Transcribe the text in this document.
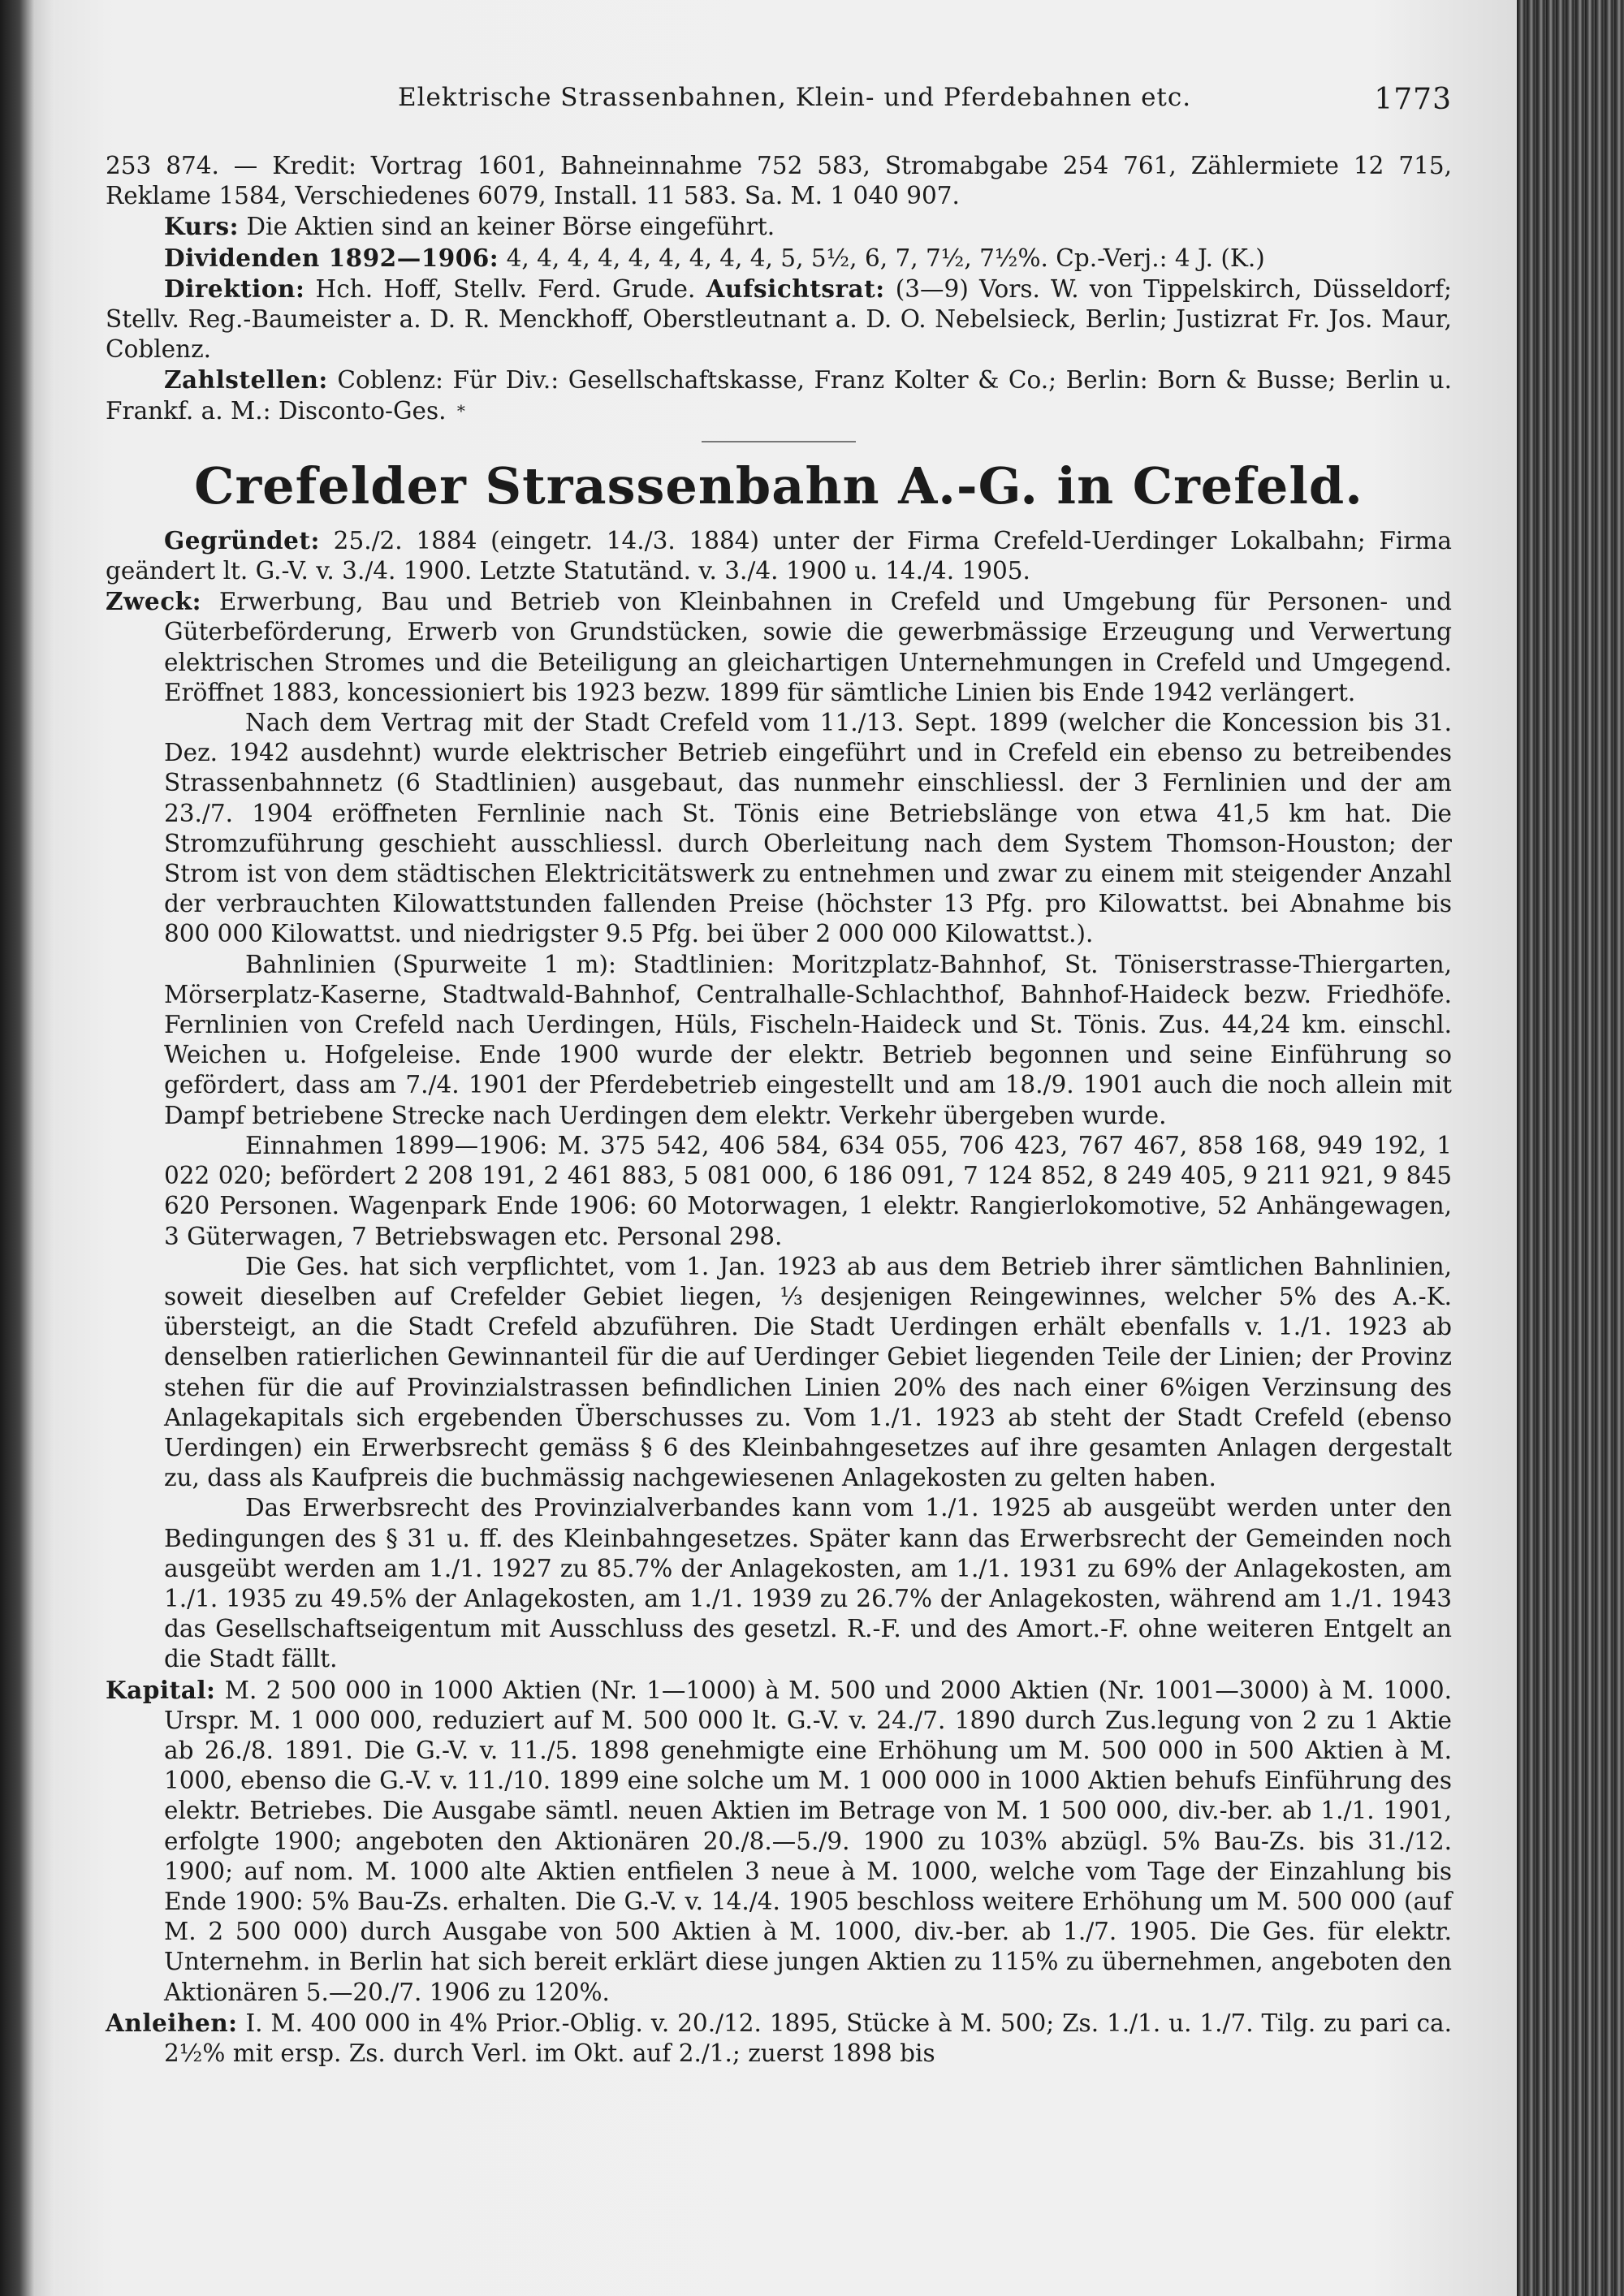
Elektrische Strassenbahnen, Klein- und Pferdebahnen etc.	1773

253 874. — Kredit: Vortrag 1601, Bahneinnahme 752 583, Stromabgabe 254 761, Zählermiete 12 715, Reklame 1584, Verschiedenes 6079, Install. 11 583. Sa. M. 1 040 907.

Kurs: Die Aktien sind an keiner Börse eingeführt.

Dividenden 1892—1906: 4, 4, 4, 4, 4, 4, 4, 4, 4, 5, 5½, 6, 7, 7½, 7½%. Cp.-Verj.: 4 J. (K.)

Direktion: Hch. Hoff, Stellv. Ferd. Grude. Aufsichtsrat: (3—9) Vors. W. von Tippelskirch, Düsseldorf; Stellv. Reg.-Baumeister a. D. R. Menckhoff, Oberstleutnant a. D. O. Nebelsieck, Berlin; Justizrat Fr. Jos. Maur, Coblenz.

Zahlstellen: Coblenz: Für Div.: Gesellschaftskasse, Franz Kolter & Co.; Berlin: Born & Busse; Berlin u. Frankf. a. M.: Disconto-Ges. *

Crefelder Strassenbahn A.-G. in Crefeld.

Gegründet: 25./2. 1884 (eingetr. 14./3. 1884) unter der Firma Crefeld-Uerdinger Lokalbahn; Firma geändert lt. G.-V. v. 3./4. 1900. Letzte Statutänd. v. 3./4. 1900 u. 14./4. 1905.

Zweck: Erwerbung, Bau und Betrieb von Kleinbahnen in Crefeld und Umgebung für Personen- und Güterbeförderung, Erwerb von Grundstücken, sowie die gewerbmässige Erzeugung und Verwertung elektrischen Stromes und die Beteiligung an gleichartigen Unternehmungen in Crefeld und Umgegend. Eröffnet 1883, koncessioniert bis 1923 bezw. 1899 für sämtliche Linien bis Ende 1942 verlängert.

Nach dem Vertrag mit der Stadt Crefeld vom 11./13. Sept. 1899 (welcher die Koncession bis 31. Dez. 1942 ausdehnt) wurde elektrischer Betrieb eingeführt und in Crefeld ein ebenso zu betreibendes Strassenbahnnetz (6 Stadtlinien) ausgebaut, das nunmehr einschliessl. der 3 Fernlinien und der am 23./7. 1904 eröffneten Fernlinie nach St. Tönis eine Betriebslänge von etwa 41,5 km hat. Die Stromzuführung geschieht ausschliessl. durch Oberleitung nach dem System Thomson-Houston; der Strom ist von dem städtischen Elektricitätswerk zu entnehmen und zwar zu einem mit steigender Anzahl der verbrauchten Kilowattstunden fallenden Preise (höchster 13 Pfg. pro Kilowattst. bei Abnahme bis 800 000 Kilowattst. und niedrigster 9.5 Pfg. bei über 2 000 000 Kilowattst.).

Bahnlinien (Spurweite 1 m): Stadtlinien: Moritzplatz-Bahnhof, St. Töniserstrasse-Thiergarten, Mörserplatz-Kaserne, Stadtwald-Bahnhof, Centralhalle-Schlachthof, Bahnhof-Haideck bezw. Friedhöfe. Fernlinien von Crefeld nach Uerdingen, Hüls, Fischeln-Haideck und St. Tönis. Zus. 44,24 km. einschl. Weichen u. Hofgeleise. Ende 1900 wurde der elektr. Betrieb begonnen und seine Einführung so gefördert, dass am 7./4. 1901 der Pferdebetrieb eingestellt und am 18./9. 1901 auch die noch allein mit Dampf betriebene Strecke nach Uerdingen dem elektr. Verkehr übergeben wurde.

Einnahmen 1899—1906: M. 375 542, 406 584, 634 055, 706 423, 767 467, 858 168, 949 192, 1 022 020; befördert 2 208 191, 2 461 883, 5 081 000, 6 186 091, 7 124 852, 8 249 405, 9 211 921, 9 845 620 Personen. Wagenpark Ende 1906: 60 Motorwagen, 1 elektr. Rangierlokomotive, 52 Anhängewagen, 3 Güterwagen, 7 Betriebswagen etc. Personal 298.

Die Ges. hat sich verpflichtet, vom 1. Jan. 1923 ab aus dem Betrieb ihrer sämtlichen Bahnlinien, soweit dieselben auf Crefelder Gebiet liegen, ⅓ desjenigen Reingewinnes, welcher 5% des A.-K. übersteigt, an die Stadt Crefeld abzuführen. Die Stadt Uerdingen erhält ebenfalls v. 1./1. 1923 ab denselben ratierlichen Gewinnanteil für die auf Uerdinger Gebiet liegenden Teile der Linien; der Provinz stehen für die auf Provinzialstrassen befindlichen Linien 20% des nach einer 6%igen Verzinsung des Anlagekapitals sich ergebenden Überschusses zu. Vom 1./1. 1923 ab steht der Stadt Crefeld (ebenso Uerdingen) ein Erwerbsrecht gemäss § 6 des Kleinbahngesetzes auf ihre gesamten Anlagen dergestalt zu, dass als Kaufpreis die buchmässig nachgewiesenen Anlagekosten zu gelten haben.

Das Erwerbsrecht des Provinzialverbandes kann vom 1./1. 1925 ab ausgeübt werden unter den Bedingungen des § 31 u. ff. des Kleinbahngesetzes. Später kann das Erwerbsrecht der Gemeinden noch ausgeübt werden am 1./1. 1927 zu 85.7% der Anlagekosten, am 1./1. 1931 zu 69% der Anlagekosten, am 1./1. 1935 zu 49.5% der Anlagekosten, am 1./1. 1939 zu 26.7% der Anlagekosten, während am 1./1. 1943 das Gesellschaftseigentum mit Ausschluss des gesetzl. R.-F. und des Amort.-F. ohne weiteren Entgelt an die Stadt fällt.

Kapital: M. 2 500 000 in 1000 Aktien (Nr. 1—1000) à M. 500 und 2000 Aktien (Nr. 1001—3000) à M. 1000. Urspr. M. 1 000 000, reduziert auf M. 500 000 lt. G.-V. v. 24./7. 1890 durch Zus.legung von 2 zu 1 Aktie ab 26./8. 1891. Die G.-V. v. 11./5. 1898 genehmigte eine Erhöhung um M. 500 000 in 500 Aktien à M. 1000, ebenso die G.-V. v. 11./10. 1899 eine solche um M. 1 000 000 in 1000 Aktien behufs Einführung des elektr. Betriebes. Die Ausgabe sämtl. neuen Aktien im Betrage von M. 1 500 000, div.-ber. ab 1./1. 1901, erfolgte 1900; angeboten den Aktionären 20./8.—5./9. 1900 zu 103% abzügl. 5% Bau-Zs. bis 31./12. 1900; auf nom. M. 1000 alte Aktien entfielen 3 neue à M. 1000, welche vom Tage der Einzahlung bis Ende 1900: 5% Bau-Zs. erhalten. Die G.-V. v. 14./4. 1905 beschloss weitere Erhöhung um M. 500 000 (auf M. 2 500 000) durch Ausgabe von 500 Aktien à M. 1000, div.-ber. ab 1./7. 1905. Die Ges. für elektr. Unternehm. in Berlin hat sich bereit erklärt diese jungen Aktien zu 115% zu übernehmen, angeboten den Aktionären 5.—20./7. 1906 zu 120%.

Anleihen: I. M. 400 000 in 4% Prior.-Oblig. v. 20./12. 1895, Stücke à M. 500; Zs. 1./1. u. 1./7. Tilg. zu pari ca. 2½% mit ersp. Zs. durch Verl. im Okt. auf 2./1.; zuerst 1898 bis
